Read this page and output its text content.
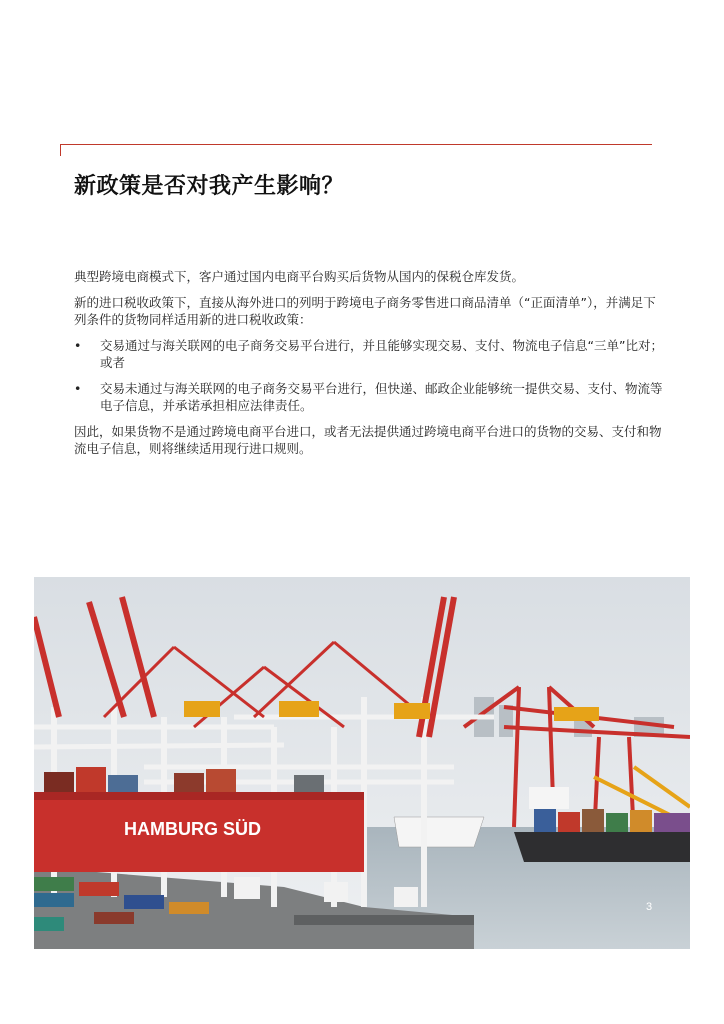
新政策是否对我产生影响？

典型跨境电商模式下，客户通过国内电商平台购买后货物从国内的保税仓库发货。

新的进口税收政策下，直接从海外进口的列明于跨境电子商务零售进口商品清单（“正面清单”），并满足下列条件的货物同样适用新的进口税收政策：

• 交易通过与海关联网的电子商务交易平台进行，并且能够实现交易、支付、物流电子信息“三单”比对；或者
• 交易未通过与海关联网的电子商务交易平台进行，但快递、邮政企业能够统一提供交易、支付、物流等电子信息，并承诺承担相应法律责任。

因此，如果货物不是通过跨境电商平台进口，或者无法提供通过跨境电商平台进口的货物的交易、支付和物流电子信息，则将继续适用现行进口规则。

HAMBURG SÜD
3
